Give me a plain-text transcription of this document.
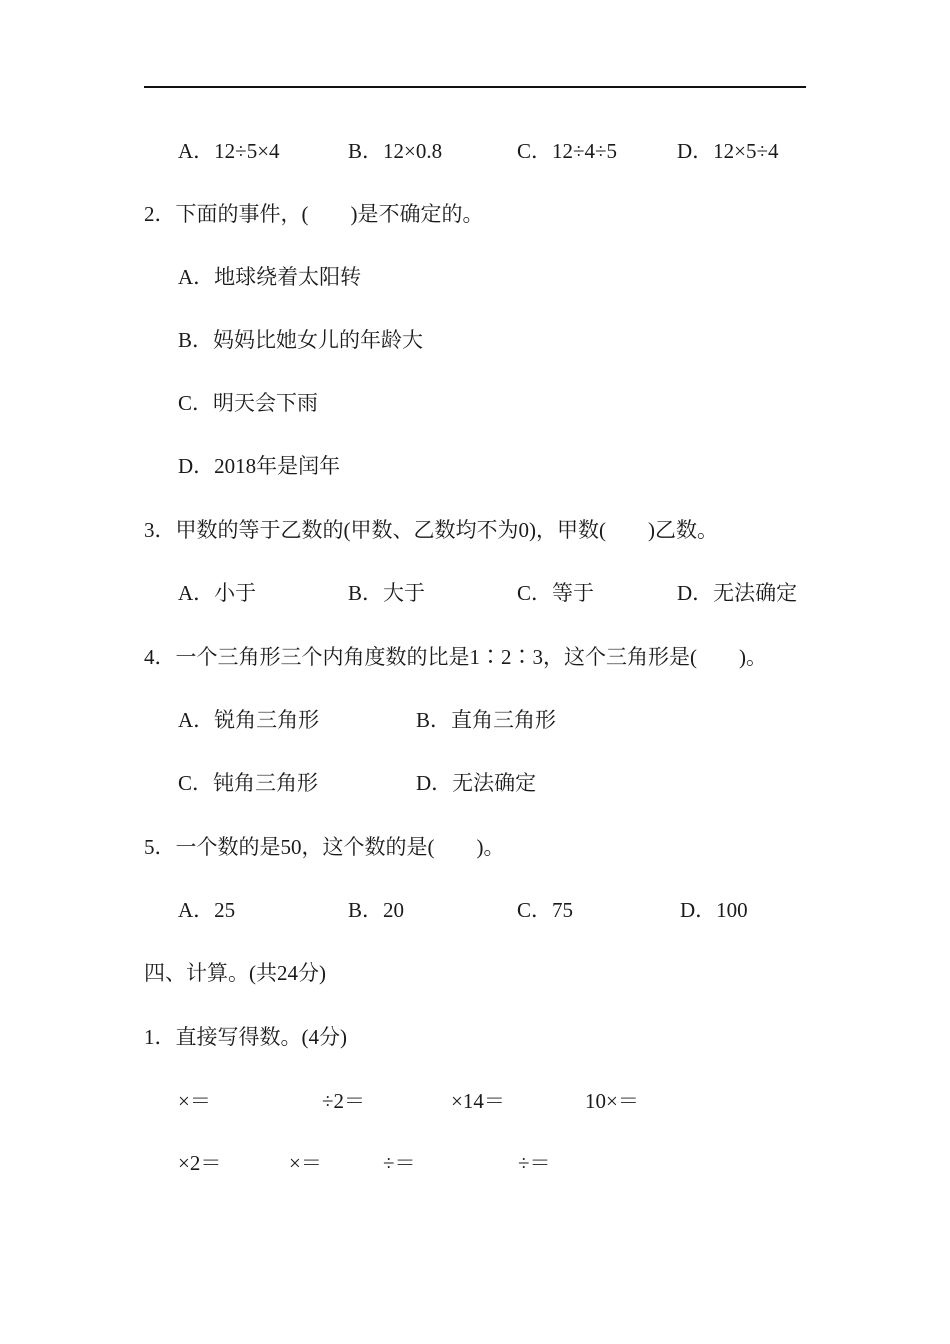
A．12÷5×4	B．12×0.8	C．12÷4÷5	D．12×5÷4
2．下面的事件，(　　)是不确定的。
A．地球绕着太阳转
B．妈妈比她女儿的年龄大
C．明天会下雨
D．2018年是闰年
3．甲数的等于乙数的(甲数、乙数均不为0)，甲数(　　)乙数。
A．小于	B．大于	C．等于	D．无法确定
4．一个三角形三个内角度数的比是1∶2∶3，这个三角形是(　　)。
A．锐角三角形	B．直角三角形
C．钝角三角形	D．无法确定
5．一个数的是50，这个数的是(　　)。
A．25	B．20	C．75	D．100
四、计算。(共24分)
1．直接写得数。(4分)
×＝	÷2＝	×14＝	10×＝
×2＝	×＝	÷＝	÷＝
